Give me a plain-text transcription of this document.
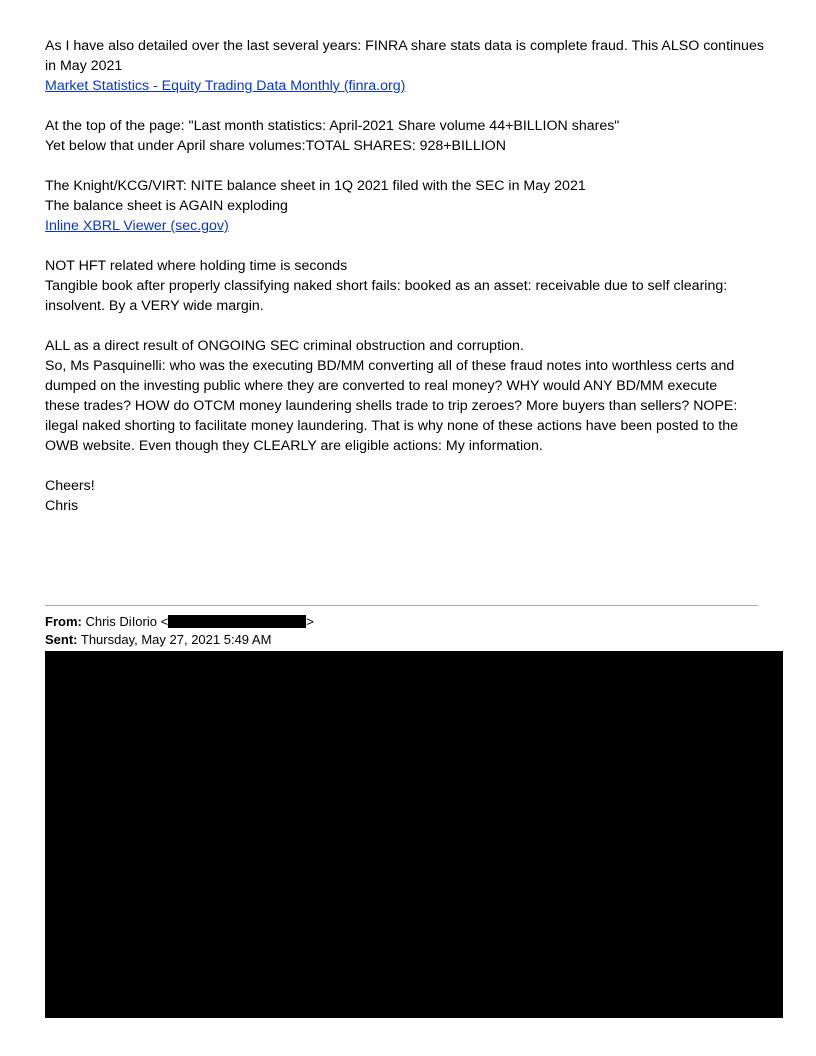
As I have also detailed over the last several years: FINRA share stats data is complete fraud. This ALSO continues
in May 2021
Market Statistics - Equity Trading Data Monthly (finra.org)

At the top of the page: "Last month statistics: April-2021 Share volume 44+BILLION shares"
Yet below that under April share volumes:TOTAL SHARES: 928+BILLION

The Knight/KCG/VIRT: NITE balance sheet in 1Q 2021 filed with the SEC in May 2021
The balance sheet is AGAIN exploding
Inline XBRL Viewer (sec.gov)

NOT HFT related where holding time is seconds
Tangible book after properly classifying naked short fails: booked as an asset: receivable due to self clearing:
insolvent. By a VERY wide margin.

ALL as a direct result of ONGOING SEC criminal obstruction and corruption.
So, Ms Pasquinelli: who was the executing BD/MM converting all of these fraud notes into worthless certs and
dumped on the investing public where they are converted to real money? WHY would ANY BD/MM execute
these trades? HOW do OTCM money laundering shells trade to trip zeroes? More buyers than sellers? NOPE:
ilegal naked shorting to facilitate money laundering. That is why none of these actions have been posted to the
OWB website. Even though they CLEARLY are eligible actions: My information.

Cheers!
Chris

From: Chris DiIorio <	>
Sent: Thursday, May 27, 2021 5:49 AM
